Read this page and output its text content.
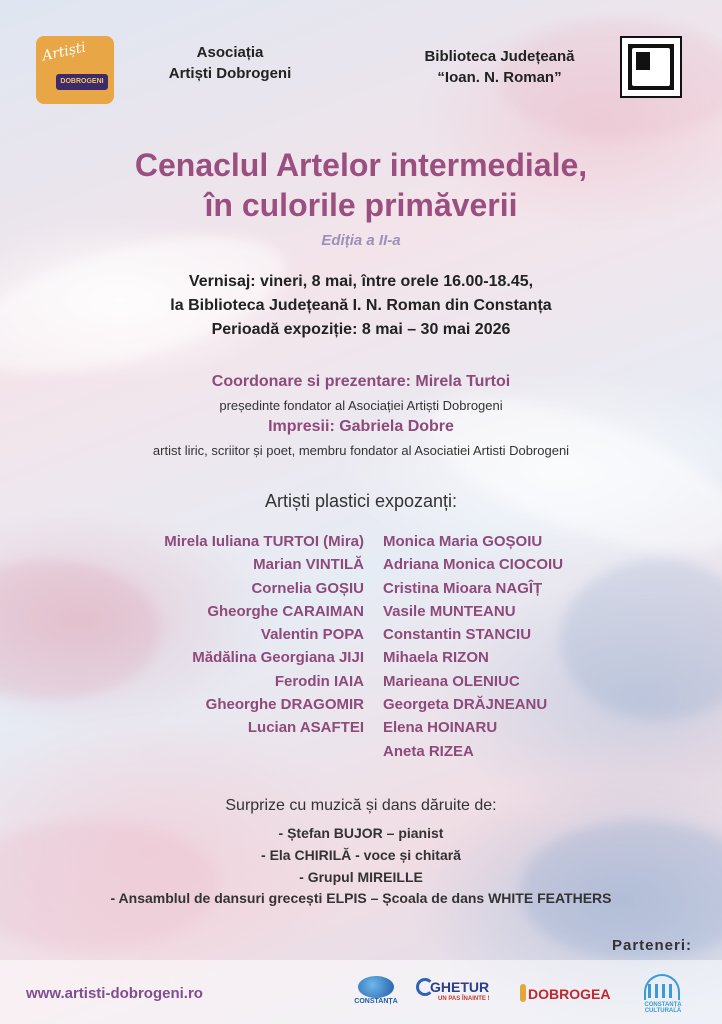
Artiști
DOBROGENI
Asociația
Artiști Dobrogeni
Biblioteca Județeană
“Ioan. N. Roman”
Cenaclul Artelor intermediale,
în culorile primăverii
Ediția a II-a
Vernisaj: vineri, 8 mai, între orele 16.00-18.45,
la Biblioteca Județeană I. N. Roman din Constanța
Perioadă expoziție: 8 mai – 30 mai 2026
Coordonare si prezentare: Mirela Turtoi
președinte fondator al Asociației Artiști Dobrogeni
Impresii: Gabriela Dobre
artist liric, scriitor și poet, membru fondator al Asociatiei Artisti Dobrogeni
Artiști plastici expozanți:
Mirela Iuliana TURTOI (Mira)
Marian VINTILĂ
Cornelia GOȘIU
Gheorghe CARAIMAN
Valentin POPA
Mădălina Georgiana JIJI
Ferodin IAIA
Gheorghe DRAGOMIR
Lucian ASAFTEI
Monica Maria GOȘOIU
Adriana Monica CIOCOIU
Cristina Mioara NAGÎȚ
Vasile MUNTEANU
Constantin STANCIU
Mihaela RIZON
Marieana OLENIUC
Georgeta DRĂJNEANU
Elena HOINARU
Aneta RIZEA
Surprize cu muzică și dans dăruite de:
- Ștefan BUJOR – pianist
- Ela CHIRILĂ - voce și chitară
- Grupul MIREILLE
- Ansamblul de dansuri grecești ELPIS – Școala de dans WHITE FEATHERS
Parteneri:
www.artisti-dobrogeni.ro	CONSTANȚA
GHETUR
UN PAS ÎNAINTE !	DOBROGEA
CONSTANȚA CULTURALĂ
